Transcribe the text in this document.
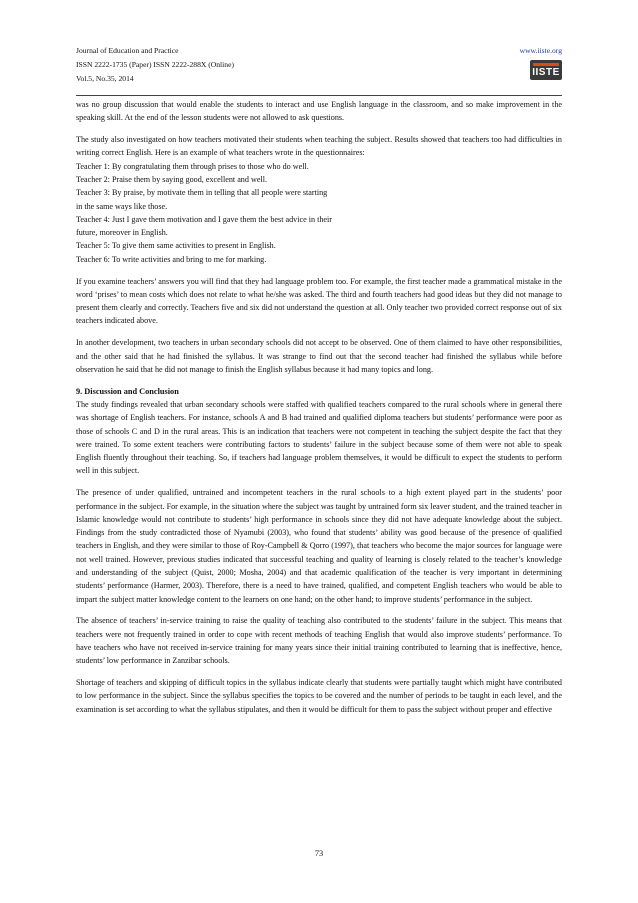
Journal of Education and Practice
ISSN 2222-1735 (Paper) ISSN 2222-288X (Online)
Vol.5, No.35, 2014
www.iiste.org
IISTE

was no group discussion that would enable the students to interact and use English language in the classroom, and so make improvement in the speaking skill. At the end of the lesson students were not allowed to ask questions.

The study also investigated on how teachers motivated their students when teaching the subject. Results showed that teachers too had difficulties in writing correct English. Here is an example of what teachers wrote in the questionnaires:
Teacher 1: By congratulating them through prises to those who do well.
Teacher 2: Praise them by saying good, excellent and well.
Teacher 3: By praise, by motivate them in telling that all people were starting
in the same ways like those.
Teacher 4: Just I gave them motivation and I gave them the best advice in their
future, moreover in English.
Teacher 5: To give them same activities to present in English.
Teacher 6: To write activities and bring to me for marking.

If you examine teachers’ answers you will find that they had language problem too. For example, the first teacher made a grammatical mistake in the word ‘prises’ to mean costs which does not relate to what he/she was asked. The third and fourth teachers had good ideas but they did not manage to present them clearly and correctly. Teachers five and six did not understand the question at all. Only teacher two provided correct response out of six teachers indicated above.

In another development, two teachers in urban secondary schools did not accept to be observed. One of them claimed to have other responsibilities, and the other said that he had finished the syllabus. It was strange to find out that the second teacher had finished the syllabus while before observation he said that he did not manage to finish the English syllabus because it had many topics and long.

9. Discussion and Conclusion

The study findings revealed that urban secondary schools were staffed with qualified teachers compared to the rural schools where in general there was shortage of English teachers. For instance, schools A and B had trained and qualified diploma teachers but students’ performance were poor as those of schools C and D in the rural areas. This is an indication that teachers were not competent in teaching the subject despite the fact that they were trained. To some extent teachers were contributing factors to students’ failure in the subject because some of them were not able to speak English fluently throughout their teaching. So, if teachers had language problem themselves, it would be difficult to expect the students to perform well in this subject.

The presence of under qualified, untrained and incompetent teachers in the rural schools to a high extent played part in the students’ poor performance in the subject. For example, in the situation where the subject was taught by untrained form six leaver student, and the trained teacher in Islamic knowledge would not contribute to students’ high performance in schools since they did not have adequate knowledge about the subject. Findings from the study contradicted those of Nyamubi (2003), who found that students’ ability was good because of the presence of qualified teachers in English, and they were similar to those of Roy-Campbell & Qorro (1997), that teachers who become the major sources for language were not well trained. However, previous studies indicated that successful teaching and quality of learning is closely related to the teacher’s knowledge and understanding of the subject (Quist, 2000; Mosha, 2004) and that academic qualification of the teacher is very important in determining students’ performance (Harmer, 2003). Therefore, there is a need to have trained, qualified, and competent English teachers who would be able to impart the subject matter knowledge content to the learners on one hand; on the other hand; to improve students’ performance in the subject.

The absence of teachers’ in-service training to raise the quality of teaching also contributed to the students’ failure in the subject. This means that teachers were not frequently trained in order to cope with recent methods of teaching English that would also improve students’ performance. To have teachers who have not received in-service training for many years since their initial training contributed to learning that is ineffective, hence, students’ low performance in Zanzibar schools.

Shortage of teachers and skipping of difficult topics in the syllabus indicate clearly that students were partially taught which might have contributed to low performance in the subject. Since the syllabus specifies the topics to be covered and the number of periods to be taught in each level, and the examination is set according to what the syllabus stipulates, and then it would be difficult for them to pass the subject without proper and effective

73
